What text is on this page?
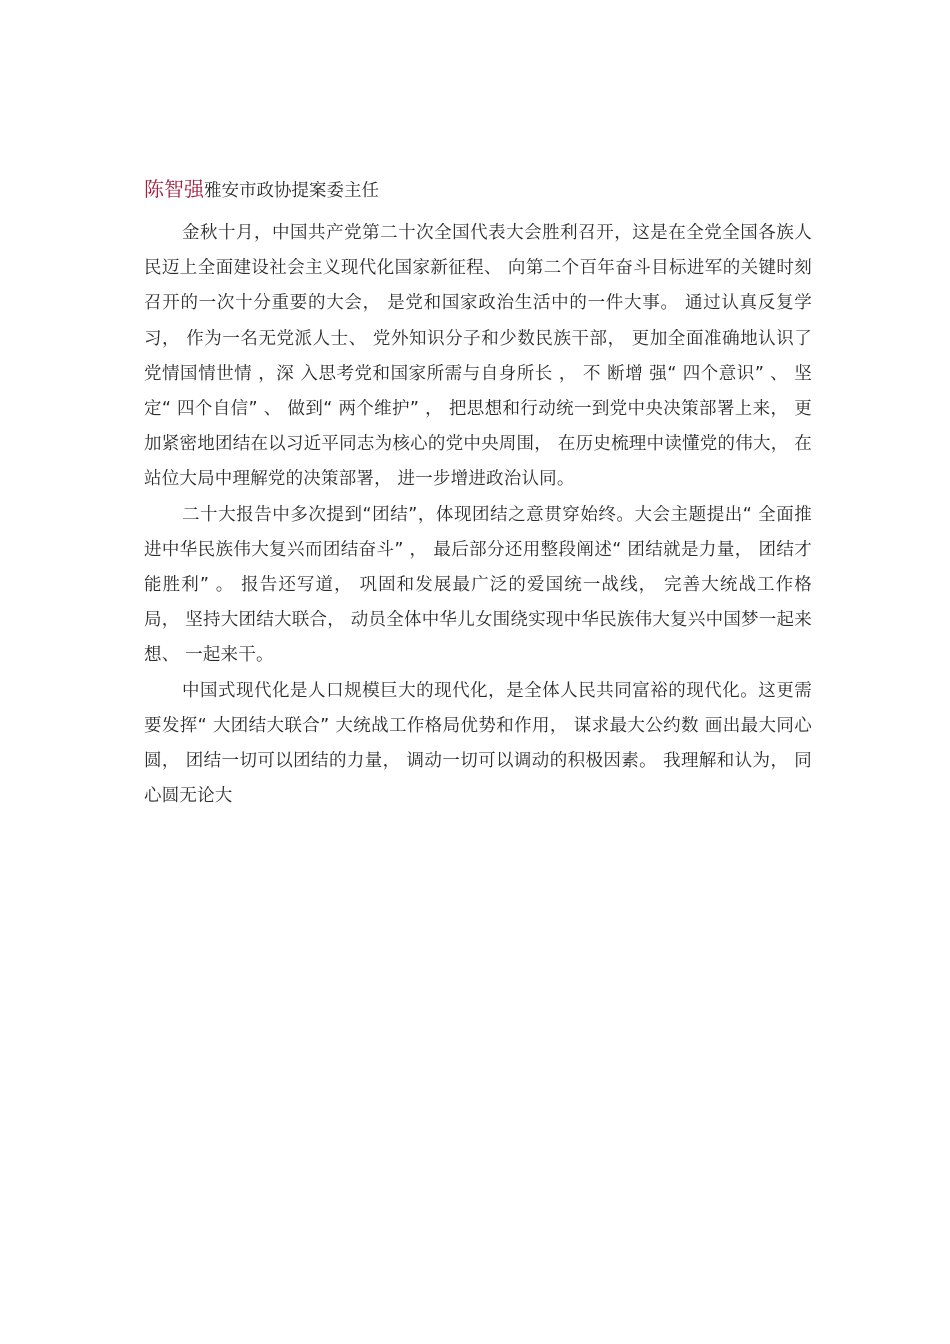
陈智强雅安市政协提案委主任

金秋十月，中国共产党第二十次全国代表大会胜利召开，这是在全党全国各族人民迈上全面建设社会主义现代化国家新征程、 向第二个百年奋斗目标进军的关键时刻召开的一次十分重要的大会， 是党和国家政治生活中的一件大事。 通过认真反复学习， 作为一名无党派人士、 党外知识分子和少数民族干部， 更加全面准确地认识了党情国情世情 ，深 入思考党和国家所需与自身所长 ， 不 断增 强“ 四个意识” 、 坚定“ 四个自信” 、 做到“ 两个维护” ， 把思想和行动统一到党中央决策部署上来， 更加紧密地团结在以习近平同志为核心的党中央周围， 在历史梳理中读懂党的伟大， 在站位大局中理解党的决策部署， 进一步增进政治认同。

二十大报告中多次提到“团结”，体现团结之意贯穿始终。大会主题提出“ 全面推进中华民族伟大复兴而团结奋斗” ， 最后部分还用整段阐述“ 团结就是力量， 团结才能胜利” 。 报告还写道， 巩固和发展最广泛的爱国统一战线， 完善大统战工作格局， 坚持大团结大联合， 动员全体中华儿女围绕实现中华民族伟大复兴中国梦一起来想、 一起来干。

中国式现代化是人口规模巨大的现代化，是全体人民共同富裕的现代化。这更需要发挥“ 大团结大联合” 大统战工作格局优势和作用， 谋求最大公约数 画出最大同心圆， 团结一切可以团结的力量， 调动一切可以调动的积极因素。 我理解和认为， 同心圆无论大
